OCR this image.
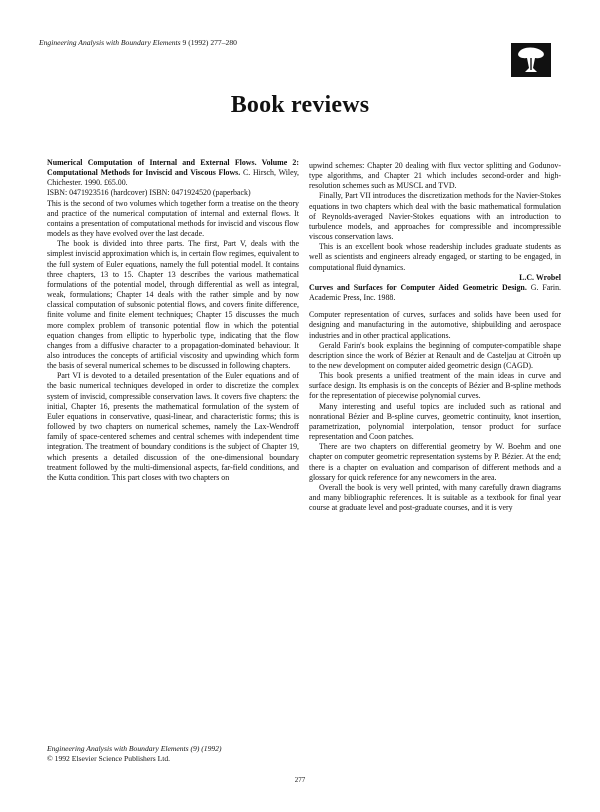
Engineering Analysis with Boundary Elements 9 (1992) 277–280
Book reviews

Numerical Computation of Internal and External Flows. Volume 2: Computational Methods for Inviscid and Viscous Flows. C. Hirsch, Wiley, Chichester. 1990. £65.00.

ISBN: 0471923516 (hardcover) ISBN: 0471924520 (paperback)

This is the second of two volumes which together form a treatise on the theory and practice of the numerical computation of internal and external flows. It contains a presentation of computational methods for inviscid and viscous flow models as they have evolved over the last decade.

The book is divided into three parts. The first, Part V, deals with the simplest inviscid approximation which is, in certain flow regimes, equivalent to the full system of Euler equations, namely the full potential model. It contains three chapters, 13 to 15. Chapter 13 describes the various mathematical formulations of the potential model, through differential as well as integral, weak, formulations; Chapter 14 deals with the rather simple and by now classical computation of subsonic potential flows, and covers finite difference, finite volume and finite element techniques; Chapter 15 discusses the much more complex problem of transonic potential flow in which the potential equation changes from elliptic to hyperbolic type, indicating that the flow changes from a diffusive character to a propagation-dominated behaviour. It also introduces the concepts of artificial viscosity and upwinding which form the basis of several numerical schemes to be discussed in following chapters.

Part VI is devoted to a detailed presentation of the Euler equations and of the basic numerical techniques developed in order to discretize the complex system of inviscid, compressible conservation laws. It covers five chapters: the initial, Chapter 16, presents the mathematical formulation of the system of Euler equations in conservative, quasi-linear, and characteristic forms; this is followed by two chapters on numerical schemes, namely the Lax-Wendroff family of space-centered schemes and central schemes with independent time integration. The treatment of boundary conditions is the subject of Chapter 19, which presents a detailed discussion of the one-dimensional boundary treatment followed by the multi-dimensional aspects, far-field conditions, and the Kutta condition. This part closes with two chapters on

upwind schemes: Chapter 20 dealing with flux vector splitting and Godunov-type algorithms, and Chapter 21 which includes second-order and high-resolution schemes such as MUSCL and TVD.

Finally, Part VII introduces the discretization methods for the Navier-Stokes equations in two chapters which deal with the basic mathematical formulation of Reynolds-averaged Navier-Stokes equations with an introduction to turbulence models, and approaches for compressible and incompressible viscous conservation laws.

This is an excellent book whose readership includes graduate students as well as scientists and engineers already engaged, or starting to be engaged, in computational fluid dynamics.

L.C. Wrobel

Curves and Surfaces for Computer Aided Geometric Design. G. Farin. Academic Press, Inc. 1988.

Computer representation of curves, surfaces and solids have been used for designing and manufacturing in the automotive, shipbuilding and aerospace industries and in other practical applications.

Gerald Farin's book explains the beginning of computer-compatible shape description since the work of Bézier at Renault and de Casteljau at Citroën up to the new development on computer aided geometric design (CAGD).

This book presents a unified treatment of the main ideas in curve and surface design. Its emphasis is on the concepts of Bézier and B-spline methods for the representation of piecewise polynomial curves.

Many interesting and useful topics are included such as rational and nonrational Bézier and B-spline curves, geometric continuity, knot insertion, parametrization, polynomial interpolation, tensor product for surface representation and Coon patches.

There are two chapters on differential geometry by W. Boehm and one chapter on computer geometric representation systems by P. Bézier. At the end; there is a chapter on evaluation and comparison of different methods and a glossary for quick reference for any newcomers in the area.

Overall the book is very well printed, with many carefully drawn diagrams and many bibliographic references. It is suitable as a textbook for final year course at graduate level and post-graduate courses, and it is very

Engineering Analysis with Boundary Elements (9) (1992)
© 1992 Elsevier Science Publishers Ltd.
277
